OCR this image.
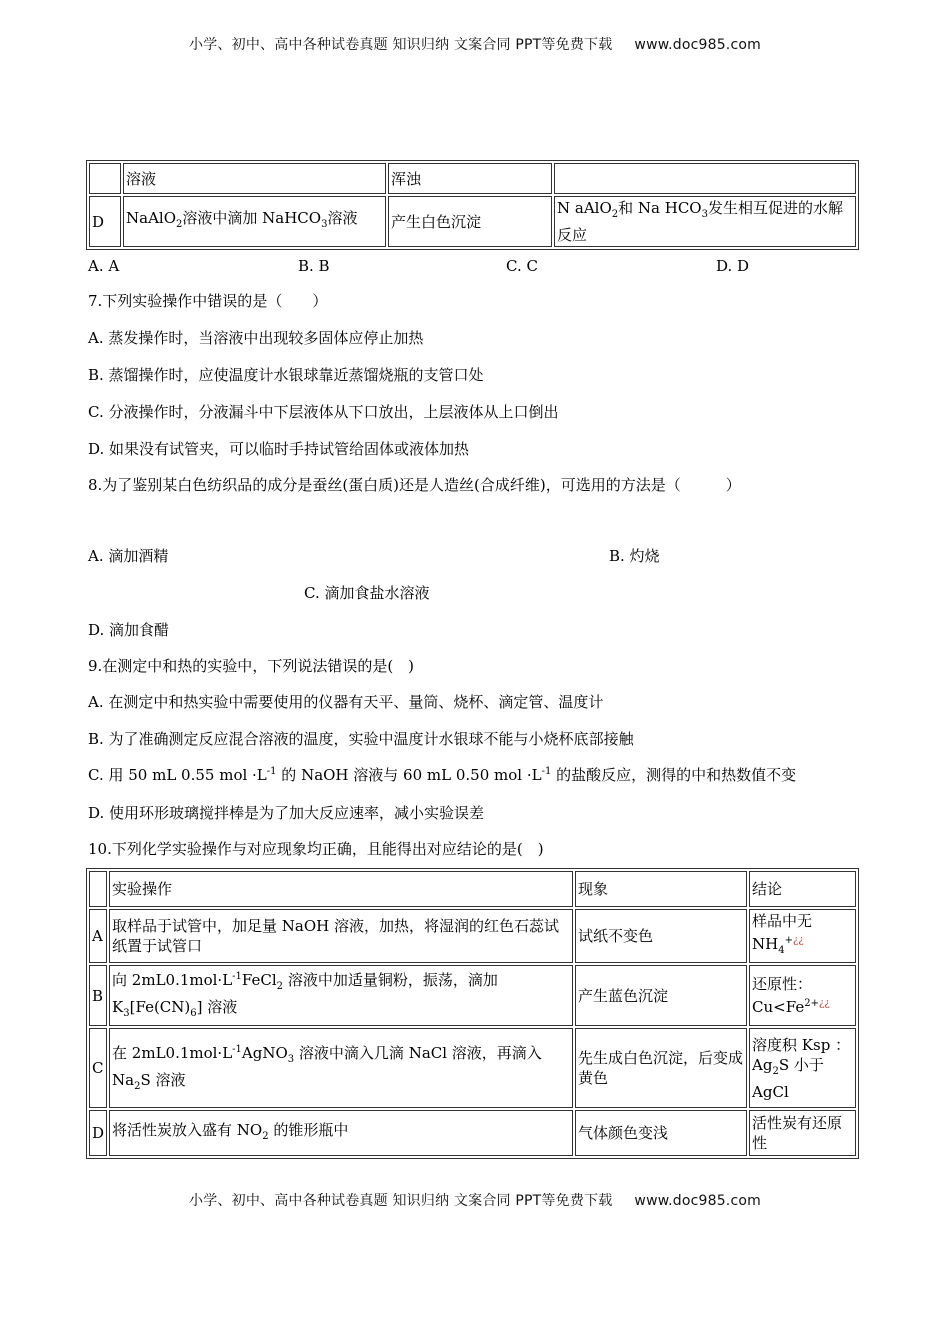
小学、初中、高中各种试卷真题 知识归纳 文案合同 PPT等免费下载 www.doc985.com
	溶液	浑浊	
D	NaAlO$_2$溶液中滴加 NaHCO$_3$溶液	产生白色沉淀	N aAlO$_2$和 Na $HCO_3$发生相互促进的水解
反应
A. A	B. B	C. C	D. D
7.下列实验操作中错误的是（　　）
A. 蒸发操作时，当溶液中出现较多固体应停止加热
B. 蒸馏操作时，应使温度计水银球靠近蒸馏烧瓶的支管口处
C. 分液操作时，分液漏斗中下层液体从下口放出，上层液体从上口倒出
D. 如果没有试管夹，可以临时手持试管给固体或液体加热
8.为了鉴别某白色纺织品的成分是蚕丝(蛋白质)还是人造丝(合成纤维)，可选用的方法是（　　　）
A. 滴加酒精	B. 灼烧
C. 滴加食盐水溶液
D. 滴加食醋
9.在测定中和热的实验中，下列说法错误的是(　)
A. 在测定中和热实验中需要使用的仪器有天平、量筒、烧杯、滴定管、温度计
B. 为了准确测定反应混合溶液的温度，实验中温度计水银球不能与小烧杯底部接触
C. 用 50 mL 0.55 mol $\cdot L^{-1}$ 的 NaOH 溶液与 60 mL 0.50 mol $\cdot L^{-1}$ 的盐酸反应，测得的中和热数值不变
D. 使用环形玻璃搅拌棒是为了加大反应速率，减小实验误差
10.下列化学实验操作与对应现象均正确，且能得出对应结论的是(　)
	实验操作	现象	结论
A	取样品于试管中，加足量 NaOH 溶液，加热，将湿润的红色石蕊试纸置于试管口	试纸不变色	样品中无 $NH_4^{+¿¿}$
B	向 $2mL0.1mol\cdot L^{-1}FeCl_2$ 溶液中加适量铜粉，振荡，滴加 $K_3[Fe(CN)_6]$ 溶液	产生蓝色沉淀	还原性：
$Cu<Fe^{2+¿¿}$
C	在 $2mL0.1mol\cdot L^{-1}AgNO_3$ 溶液中滴入几滴 NaCl 溶液，再滴入 $Na_2S$ 溶液	先生成白色沉淀，后变成黄色	溶度积 Ksp ：
$Ag_2S$ 小于
AgCl
D	将活性炭放入盛有 $NO_2$ 的锥形瓶中	气体颜色变浅	活性炭有还原性
小学、初中、高中各种试卷真题 知识归纳 文案合同 PPT等免费下载 www.doc985.com
